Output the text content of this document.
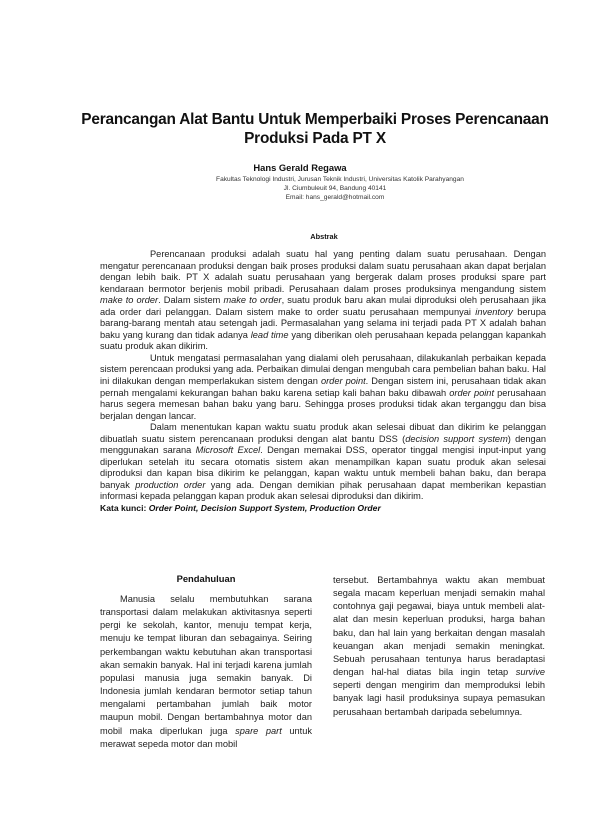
Perancangan Alat Bantu Untuk Memperbaiki Proses Perencanaan Produksi Pada PT X
Hans Gerald Regawa
Fakultas Teknologi Industri, Jurusan Teknik Industri, Universitas Katolik Parahyangan
Jl. Ciumbuleuit 94, Bandung 40141
Email: hans_gerald@hotmail.com
Abstrak

Perencanaan produksi adalah suatu hal yang penting dalam suatu perusahaan. Dengan mengatur perencanaan produksi dengan baik proses produksi dalam suatu perusahaan akan dapat berjalan dengan lebih baik. PT X adalah suatu perusahaan yang bergerak dalam proses produksi spare part kendaraan bermotor berjenis mobil pribadi. Perusahaan dalam proses produksinya mengandung sistem make to order. Dalam sistem make to order, suatu produk baru akan mulai diproduksi oleh perusahaan jika ada order dari pelanggan. Dalam sistem make to order suatu perusahaan mempunyai inventory berupa barang-barang mentah atau setengah jadi. Permasalahan yang selama ini terjadi pada PT X adalah bahan baku yang kurang dan tidak adanya lead time yang diberikan oleh perusahaan kepada pelanggan kapankah suatu produk akan dikirim.

Untuk mengatasi permasalahan yang dialami oleh perusahaan, dilakukanlah perbaikan kepada sistem perencaan produksi yang ada. Perbaikan dimulai dengan mengubah cara pembelian bahan baku. Hal ini dilakukan dengan memperlakukan sistem dengan order point. Dengan sistem ini, perusahaan tidak akan pernah mengalami kekurangan bahan baku karena setiap kali bahan baku dibawah order point perusahaan harus segera memesan bahan baku yang baru. Sehingga proses produksi tidak akan terganggu dan bisa berjalan dengan lancar.

Dalam menentukan kapan waktu suatu produk akan selesai dibuat dan dikirim ke pelanggan dibuatlah suatu sistem perencanaan produksi dengan alat bantu DSS (decision support system) dengan menggunakan sarana Microsoft Excel. Dengan memakai DSS, operator tinggal mengisi input-input yang diperlukan setelah itu secara otomatis sistem akan menampilkan kapan suatu produk akan selesai diproduksi dan kapan bisa dikirim ke pelanggan, kapan waktu untuk membeli bahan baku, dan berapa banyak production order yang ada. Dengan demikian pihak perusahaan dapat memberikan kepastian informasi kepada pelanggan kapan produk akan selesai diproduksi dan dikirim.

Kata kunci: Order Point, Decision Support System, Production Order

Pendahuluan

Manusia selalu membutuhkan sarana transportasi dalam melakukan aktivitasnya seperti pergi ke sekolah, kantor, menuju tempat kerja, menuju ke tempat liburan dan sebagainya. Seiring perkembangan waktu kebutuhan akan transportasi akan semakin banyak. Hal ini terjadi karena jumlah populasi manusia juga semakin banyak. Di Indonesia jumlah kendaran bermotor setiap tahun mengalami pertambahan jumlah baik motor maupun mobil. Dengan bertambahnya motor dan mobil maka diperlukan juga spare part untuk merawat sepeda motor dan mobil

tersebut. Bertambahnya waktu akan membuat segala macam keperluan menjadi semakin mahal contohnya gaji pegawai, biaya untuk membeli alat-alat dan mesin keperluan produksi, harga bahan baku, dan hal lain yang berkaitan dengan masalah keuangan akan menjadi semakin meningkat. Sebuah perusahaan tentunya harus beradaptasi dengan hal-hal diatas bila ingin tetap survive seperti dengan mengirim dan memproduksi lebih banyak lagi hasil produksinya supaya pemasukan perusahaan bertambah daripada sebelumnya.
